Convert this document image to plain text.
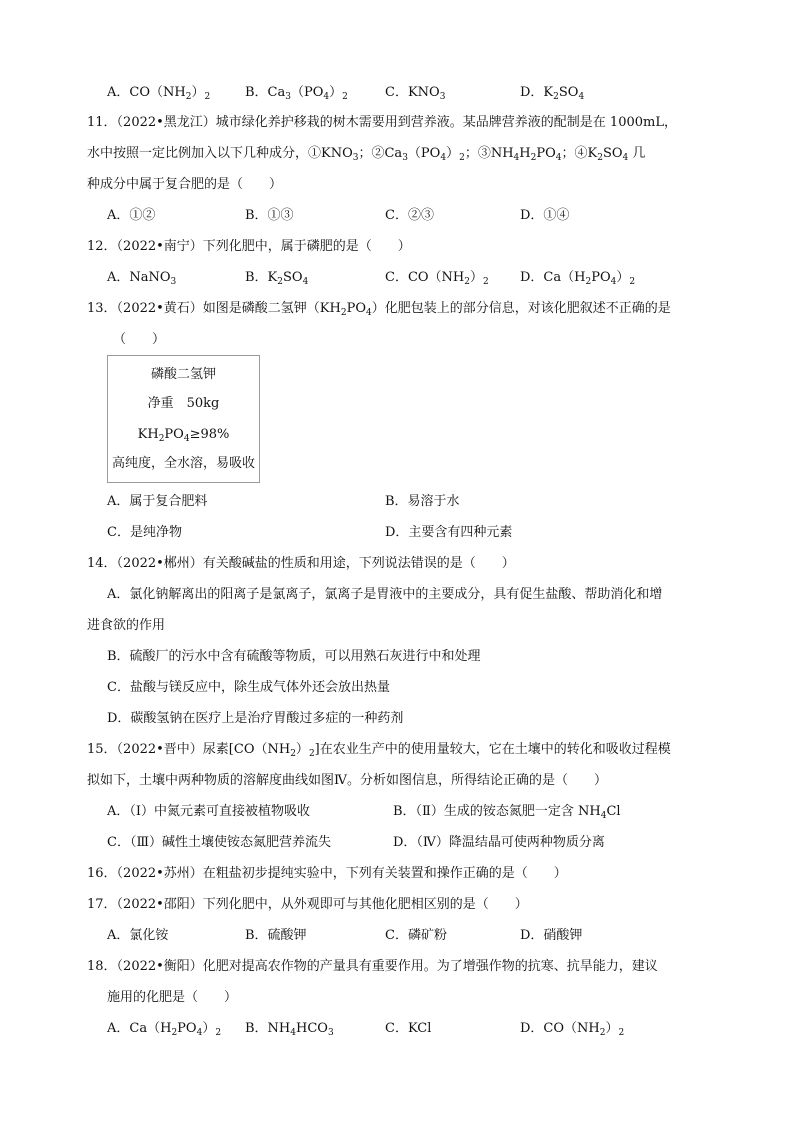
A．$CO(NH_2)_2$	B．$Ca_3(PO_4)_2$	C．$KNO_3$	D．$K_2SO_4$
11．（2022•黑龙江）城市绿化养护移栽的树木需要用到营养液。某品牌营养液的配制是在 1000mL，
水中按照一定比例加入以下几种成分，$①KNO_3$；$②Ca_3(PO_4)_2$；$③NH_4H_2PO_4$；$④K_2SO_4$ 几
种成分中属于复合肥的是（　　）
A．①②	B．①③	C．②③	D．①④
12．（2022•南宁）下列化肥中，属于磷肥的是（　　）
A．NaNO$_3$	B．$K_2SO_4$	C．$CO(NH_2)_2$ D．$Ca(H_2PO_4)_2$
13．（2022•黄石）如图是磷酸二氢钾$(KH_2PO_4)$化肥包装上的部分信息，对该化肥叙述不正确的是
（　　）
磷酸二氢钾
净重　50kg
$KH_2PO_4\ge 98\%$
高纯度，全水溶，易吸收
A．属于复合肥料	B．易溶于水
C．是纯净物	D．主要含有四种元素
14．（2022•郴州）有关酸碱盐的性质和用途，下列说法错误的是（　　）
A．氯化钠解离出的阳离子是氯离子，氯离子是胃液中的主要成分，具有促生盐酸、帮助消化和增
进食欲的作用
B．硫酸厂的污水中含有硫酸等物质，可以用熟石灰进行中和处理
C．盐酸与镁反应中，除生成气体外还会放出热量
D．碳酸氢钠在医疗上是治疗胃酸过多症的一种药剂
15．（2022•晋中）尿素$[CO(NH_2)_2]$在农业生产中的使用量较大，它在土壤中的转化和吸收过程模
拟如下，土壤中两种物质的溶解度曲线如图Ⅳ。分析如图信息，所得结论正确的是（　　）
A．（Ⅰ）中氮元素可直接被植物吸收	B．（Ⅱ）生成的铵态氮肥一定含 $NH_4Cl$
C．（Ⅲ）碱性土壤使铵态氮肥营养流失	D．（Ⅳ）降温结晶可使两种物质分离
16．（2022•苏州）在粗盐初步提纯实验中，下列有关装置和操作正确的是（　　）
17．（2022•邵阳）下列化肥中，从外观即可与其他化肥相区别的是（　　）
A．氯化铵	B．硫酸钾	C．磷矿粉	D．硝酸钾
18．（2022•衡阳）化肥对提高农作物的产量具有重要作用。为了增强作物的抗寒、抗旱能力，建议
施用的化肥是（　　）
A．$Ca(H_2PO_4)_2$ B．$NH_4HCO_3$	C．KCl	D．$CO(NH_2)_2$
